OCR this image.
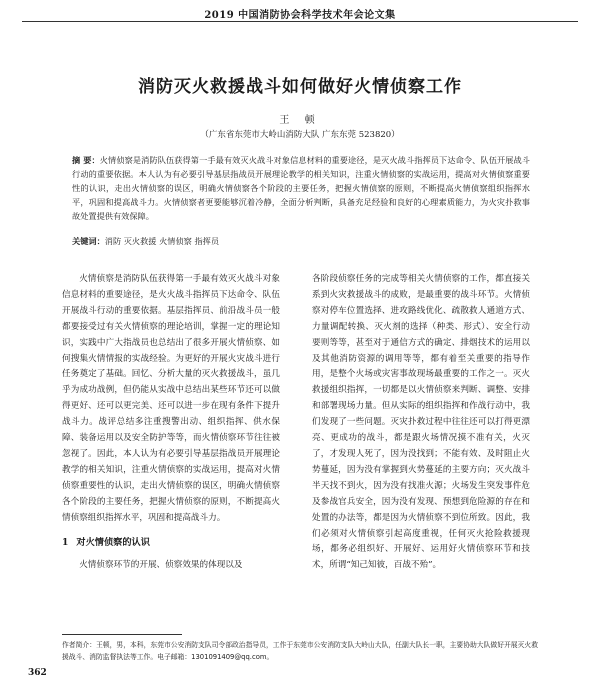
2019 中国消防协会科学技术年会论文集
消防灭火救援战斗如何做好火情侦察工作
王 顿
（广东省东莞市大岭山消防大队 广东东莞 523820）
摘 要：火情侦察是消防队伍获得第一手最有效灭火战斗对象信息材料的重要途径，是灭火战斗指挥员下达命令、队伍开展战斗行动的重要依据。本人认为有必要引导基层指战员开展理论教学的相关知识，注重火情侦察的实战运用，提高对火情侦察重要性的认识，走出火情侦察的误区，明确火情侦察各个阶段的主要任务，把握火情侦察的原则，不断提高火情侦察组织指挥水平，巩固和提高战斗力。火情侦察者更要能够沉着冷静，全面分析判断，具备充足经验和良好的心理素质能力，为火灾扑救事故处置提供有效保障。
关键词：消防 灭火救援 火情侦察 指挥员

火情侦察是消防队伍获得第一手最有效灭火战斗对象信息材料的重要途径，是火火战斗指挥员下达命令、队伍开展战斗行动的重要依据。基层指挥员、前沿战斗员一般都要接受过有关火情侦察的理论培训，掌握一定的理论知识，实践中广大指战员也总结出了很多开展火情侦察、如何搜集火情情报的实战经验。为更好的开展火灾战斗进行任务奠定了基础。回忆、分析大量的灭火救援战斗，虽几乎为成功战例，但仍能从实战中总结出某些环节还可以做得更好、还可以更完美、还可以进一步在现有条件下提升战斗力。战评总结多注重搜警出动、组织指挥、供水保障、装备运用以及安全防护等等，而火情侦察环节往往被忽视了。因此，本人认为有必要引导基层指战员开展理论教学的相关知识，注重火情侦察的实战运用，提高对火情侦察重要性的认识，走出火情侦察的误区，明确火情侦察各个阶段的主要任务，把握火情侦察的原则，不断提高火情侦察组织指挥水平，巩固和提高战斗力。

1 对火情侦察的认识

火情侦察环节的开展、侦察效果的体现以及

各阶段侦察任务的完成等相关火情侦察的工作，都直接关系到火灾救援战斗的成败，是最重要的战斗环节。火情侦察对停车位置选择、进攻路线优化、疏散救人通道方式、力量调配转换、灭火剂的选择（种类、形式）、安全行动要则等等，甚至对于通信方式的确定、排烟技术的运用以及其他消防资源的调用等等，都有着至关重要的指导作用，是整个火场或灾害事故现场最重要的工作之一。灭火救援组织指挥，一切都是以火情侦察来判断、调整、安排和部署现场力量。但从实际的组织指挥和作战行动中，我们发现了一些问题。灭灾扑救过程中往往还可以打得更漂亮、更成功的战斗，都是跟火场情况摸不准有关，火灭了，才发现人死了，因为没找到；不能有效、及时阻止火势蔓延，因为没有掌握到火势蔓延的主要方向；灭火战斗半天找不到火，因为没有找准火源；火场发生突发事件危及参战官兵安全，因为没有发现、预想到危险源的存在和处置的办法等，都是因为火情侦察不到位所致。因此，我们必须对火情侦察引起高度重视，任何灭火抢险救援现场，都务必组织好、开展好、运用好火情侦察环节和技术，所谓“知己知彼，百战不殆”。

作者简介：王顿，男，本科，东莞市公安消防支队司令部政治指导员，工作于东莞市公安消防支队大岭山大队，任副大队长一职，主要协助大队做好开展灭火救援战斗、消防监督执法等工作。电子邮箱：1301091409@qq.com。
362
